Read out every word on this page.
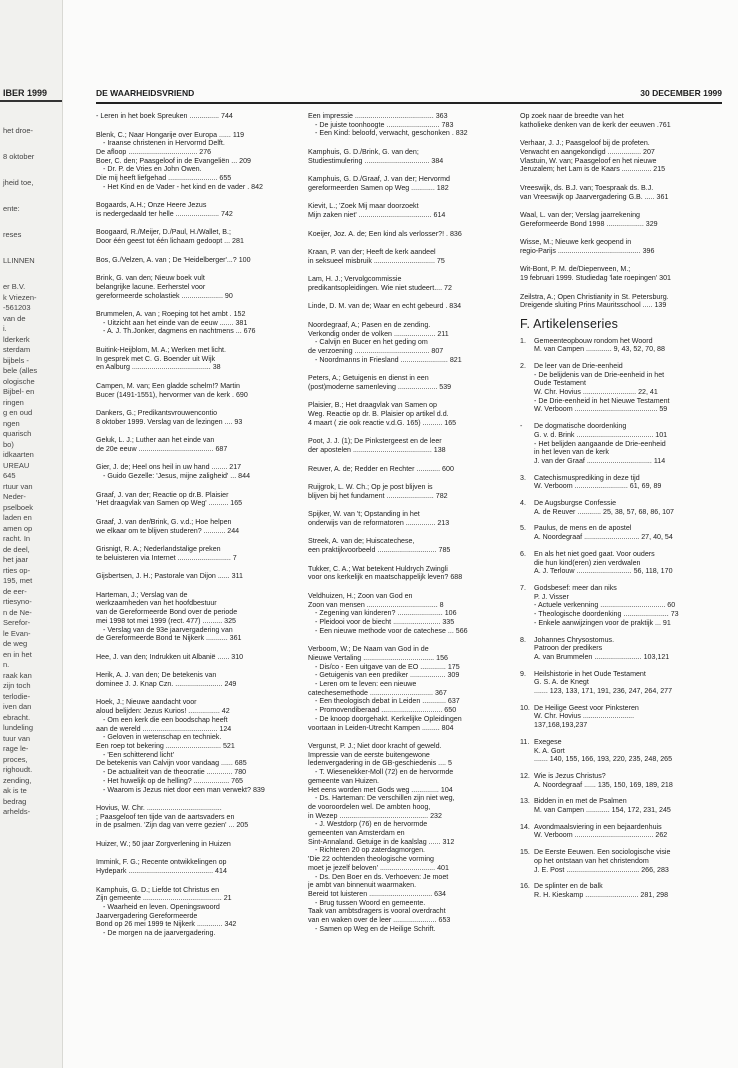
IBER 1999
het droe-
8 oktober
jheid toe,
ente:
reses
LLINNEN
er B.V.
k Vriezen-
-561203
van de
i.
lderkerk
sterdam
bijbels -
bele (alles
ologische
Bijbel- en
ringen
g en oud
ngen
quarisch
bo)
idkaarten
UREAU
645
rtuur van
Neder-
pselboek
laden en
amen op
racht. In
de deel,
het jaar
rties op-
195, met
de eer-
rtiesyno-
n de Ne-
Serefor-
le Evan-
de weg
en in het
n.
raak kan
zijn toch
terlodie-
iven dan
ebracht.
lundeling
tuur van
rage le-
proces,
righoudt.
zending,
ak is te
bedrag
arhelds-
DE WAARHEIDSVRIEND	30 DECEMBER 1999
- Leren in het boek Spreuken ............... 744
Blenk, C.; Naar Hongarije over Europa ...... 119
- Iraanse christenen in Hervormd Delft.
De afloop ................................... 276
Boer, C. den; Paasgeloof in de Evangeliën ... 209
- Dr. P. de Vries en John Owen.
Die mij heeft liefgehad ......................... 655
- Het Kind en de Vader - het kind en de vader . 842
Bogaards, A.H.; Onze Heere Jezus
is nedergedaald ter helle ...................... 742
Boogaard, R./Meijer, D./Paul, H./Wallet, B.;
Door één geest tot één lichaam gedoopt ... 281
Bos, G./Velzen, A. van ; De 'Heidelberger'...? 100
Brink, G. van den; Nieuw boek vult
belangrijke lacune. Eerherstel voor
gereformeerde scholastiek ..................... 90
Brummelen, A. van ; Roeping tot het ambt . 152
- Uitzicht aan het einde van de eeuw ....... 381
- A. J. Th.Jonker, dagmens en nachtmens ... 676
Buitink-Heijblom, M. A.; Werken met licht.
In gesprek met C. G. Boender uit Wijk
en Aalburg ........................................ 38
Campen, M. van; Een gladde schelm!? Martin
Bucer (1491-1551), hervormer van de kerk . 690
Dankers, G.; Predikantsvrouwencontio
8 oktober 1999. Verslag van de lezingen .... 93
Geluk, L. J.; Luther aan het einde van
de 20e eeuw ...................................... 687
Gier, J. de; Heel ons heil in uw hand ........ 217
- Guido Gezelle: 'Jesus, mijne zaligheid' ... 844
Graaf, J. van der; Reactie op dr.B. Plaisier
'Het draagvlak van Samen op Weg' .......... 165
Graaf, J. van der/Brink, G. v.d.; Hoe helpen
we elkaar om te blijven studeren? ........... 244
Grisnigt, R. A.; Nederlandstalige preken
te beluisteren via Internet ........................... 7
Gijsbertsen, J. H.; Pastorale van Dijon ...... 311
Harteman, J.; Verslag van de
werkzaamheden van het hoofdbestuur
van de Gereformeerde Bond over de periode
mei 1998 tot mei 1999 (rect. 477) .......... 325
- Verslag van de 93e jaarvergadering van
de Gereformeerde Bond te Nijkerk ........... 361
Hee, J. van den; Indrukken uit Albanië ...... 310
Herik, A. J. van den; De betekenis van
dominee J. J. Knap Czn. ........................ 249
Hoek, J.; Nieuwe aandacht voor
aloud belijden: Jezus Kurios! ................ 42
- Om een kerk die een boodschap heeft
aan de wereld ...................................... 124
- Geloven in wetenschap en techniek.
Een roep tot bekering ............................ 521
- 'Een schitterend licht'
De betekenis van Calvijn voor vandaag ...... 685
- De actualiteit van de theocratie ............. 780
- Het huwelijk op de helling? .................. 765
- Waarom is Jezus niet door een man verwekt? 839
Hovius, W. Chr. ......................................
; Paasgeloof ten tijde van de aartsvaders en
in de psalmen. 'Zijn dag van verre gezien' ... 205
Huizer, W.; 50 jaar Zorgverlening in Huizen
Immink, F. G.; Recente ontwikkelingen op
Hydepark ........................................... 414
Kamphuis, G. D.; Liefde tot Christus en
Zijn gemeente ........................................ 21
- Waarheid en leven. Openingswoord
Jaarvergadering Gereformeerde
Bond op 26 mei 1999 te Nijkerk ............. 342
- De morgen na de jaarvergadering.
Een impressie ........................................ 363
- De juiste toonhoogte ........................... 783
- Een Kind: beloofd, verwacht, geschonken . 832
Kamphuis, G. D./Brink, G. van den;
Studiestimulering ................................. 384
Kamphuis, G. D./Graaf, J. van der; Hervormd
gereformeerden Samen op Weg ............ 182
Kievit, L.; 'Zoek Mij maar doorzoekt
Mijn zaken niet' ..................................... 614
Koeijer, Joz. A. de; Een kind als verlosser?! . 836
Kraan, P. van der; Heeft de kerk aandeel
in seksueel misbruik ............................... 75
Lam, H. J.; Vervolgcommissie
predikantsopleidingen. Wie niet studeert.... 72
Linde, D. M. van de; Waar en echt gebeurd . 834
Noordegraaf, A.; Pasen en de zending.
Verkondig onder de volken ..................... 211
- Calvijn en Bucer en het geding om
de verzoening ...................................... 807
- Noordmanns in Friesland ........................ 821
Peters, A.; Getuigenis en dienst in een
(post)moderne samenleving .................... 539
Plaisier, B.; Het draagvlak van Samen op
Weg. Reactie op dr. B. Plaisier op artikel d.d.
4 maart ( zie ook reactie v.d.G. 165) .......... 165
Poot, J. J. (1); De Pinkstergeest en de leer
der apostelen ........................................ 138
Reuver, A. de; Redder en Rechter ............ 600
Ruijgrok, L. W. Ch.; Op je post blijven is
blijven bij het fundament ........................ 782
Spijker, W. van 't; Opstanding in het
onderwijs van de reformatoren ............... 213
Streek, A. van de; Huiscatechese,
een praktijkvoorbeeld .............................. 785
Tukker, C. A.; Wat betekent Huldrych Zwingli
voor ons kerkelijk en maatschappelijk leven? 688
Veldhuizen, H.; Zoon van God en
Zoon van mensen .................................... 8
- Zegening van kinderen? ....................... 106
- Pleidooi voor de biecht ........................ 335
- Een nieuwe methode voor de catechese ... 566
Verboom, W.; De Naam van God in de
Nieuwe Vertaling .................................... 156
- Dis/co - Een uitgave van de EO ............. 175
- Getuigenis van een prediker .................. 309
- Leren om te leven: een nieuwe
catechesemethode ................................ 367
- Een theologisch debat in Leiden ............ 637
- Promovendiberaad ............................... 650
- De knoop doorgehakt. Kerkelijke Opleidingen
voortaan in Leiden-Utrecht Kampen ......... 804
Vergunst, P. J.; Niet door kracht of geweld.
Impressie van de eerste buitengewone
ledenvergadering in de GB-geschiedenis .... 5
- T. Wiesenekker-Moll (72) en de hervormde
gemeente van Huizen.
Het eens worden met Gods weg .............. 104
- Ds. Harteman: De verschillen zijn niet weg,
de vooroordelen wel. De ambten hoog,
in Wezep ............................................. 232
- J. Westdorp (76) en de hervormde
gemeenten van Amsterdam en
Sint-Annaland. Getuige in de kaalslag ...... 312
- Richteren 20 op zaterdagmorgen.
'Die 22 ochtenden theologische vorming
moet je jezelf beloven' ............................ 401
- Ds. Den Boer en ds. Verhoeven: Je moet
je ambt van binnenuit waarmaken.
Bereid tot luisteren ................................ 634
- Brug tussen Woord en gemeente.
Taak van ambtsdragers is vooral overdracht
van en waken over de leer ...................... 653
- Samen op Weg en de Heilige Schrift.
Op zoek naar de breedte van het
katholieke denken van de kerk der eeuwen .761
Verhaar, J. J.; Paasgeloof bij de profeten.
Verwacht en aangekondigd ................. 207
Vlastuin, W. van; Paasgeloof en het nieuwe
Jeruzalem; het Lam is de Kaars ............... 215
Vreeswijk, ds. B.J. van; Toespraak ds. B.J.
van Vreeswijk op Jaarvergadering G.B. ..... 361
Waal, L. van der; Verslag jaarrekening
Gereformeerde Bond 1998 ................... 329
Wisse, M.; Nieuwe kerk geopend in
regio-Parijs .......................................... 396
Wit-Bont, P. M. de/Diepenveen, M.;
19 februari 1999. Studiedag 'late roepingen' 301
Zeilstra, A.; Open Christianity in St. Petersburg.
Dreigende sluiting Prins Mauritsschool ..... 139
F. Artikelenseries
1.	Gemeenteopbouw rondom het Woord
M. van Campen ............. 9, 43, 52, 70, 88
2.	De leer van de Drie-eenheid
- De belijdenis van de Drie-eenheid in het
Oude Testament
W. Chr. Hovius ........................... 22, 41
- De Drie-eenheid in het Nieuwe Testament
W. Verboom .......................................... 59
-	De dogmatische doordenking
G. v. d. Brink ....................................... 101
- Het belijden aangaande de Drie-eenheid
in het leven van de kerk
J. van der Graaf ................................. 114
3.	Catechismusprediking in deze tijd
W. Verboom ........................... 61, 69, 89
4.	De Augsburgse Confessie
A. de Reuver ............ 25, 38, 57, 68, 86, 107
5.	Paulus, de mens en de apostel
A. Noordegraaf ............................ 27, 40, 54
6.	En als het niet goed gaat. Voor ouders
die hun kind(eren) zien verdwalen
A. J. Terlouw ............................ 56, 118, 170
7.	Godsbesef: meer dan niks
P. J. Visser
- Actuele verkenning ................................. 60
- Theologische doordenking ....................... 73
- Enkele aanwijzingen voor de praktijk ... 91
8.	Johannes Chrysostomus.
Patroon der predikers
A. van Brummelen ........................ 103,121
9.	Heilshistorie in het Oude Testament
G. S. A. de Knegt
....... 123, 133, 171, 191, 236, 247, 264, 277
10. De Heilige Geest voor Pinksteren
W. Chr. Hovius ..........................
137,168,193,237
11. Exegese
K. A. Gort
....... 140, 155, 166, 193, 220, 235, 248, 265
12. Wie is Jezus Christus?
A. Noordegraaf ...... 135, 150, 169, 189, 218
13. Bidden in en met de Psalmen
M. van Campen ............ 154, 172, 231, 245
14. Avondmaalsviering in een bejaardenhuis
W. Verboom ........................................ 262
15. De Eerste Eeuwen. Een sociologische visie
op het ontstaan van het christendom
J. E. Post ..................................... 266, 283
16. De splinter en de balk
R. H. Kieskamp ........................... 281, 298
